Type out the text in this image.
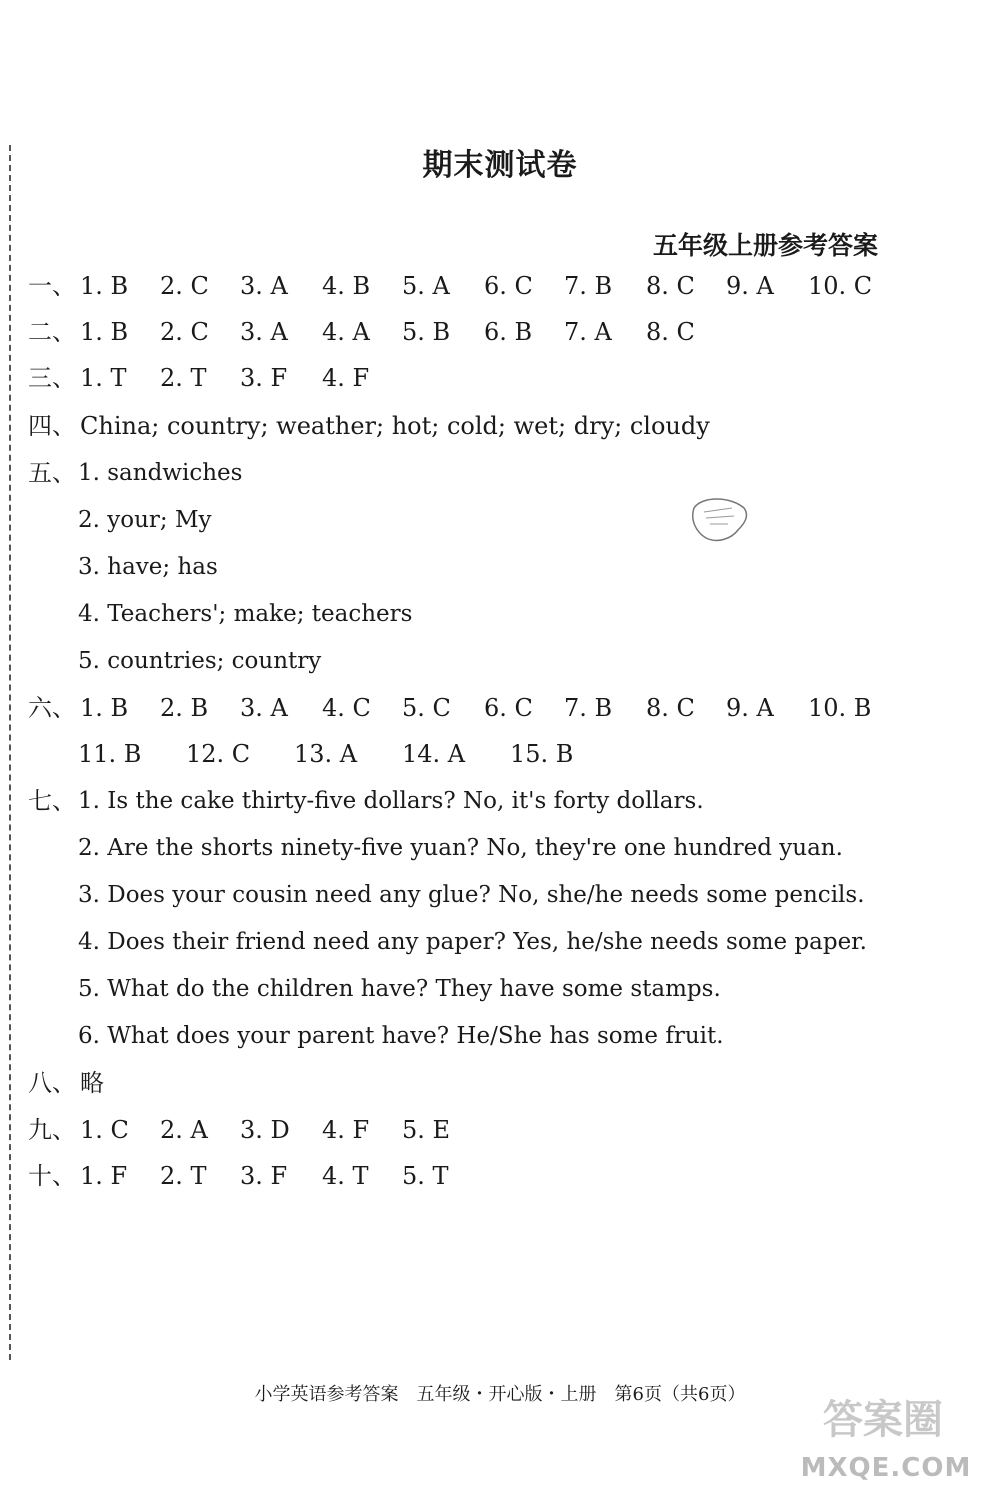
期末测试卷
五年级上册参考答案
一、 1. B 2. C 3. A 4. B 5. A 6. C 7. B 8. C 9. A 10. C
二、 1. B 2. C 3. A 4. A 5. B 6. B 7. A 8. C
三、 1. T 2. T 3. F 4. F
四、 China; country; weather; hot; cold; wet; dry; cloudy
五、 1. sandwiches
2. your; My
3. have; has
4. Teachers'; make; teachers
5. countries; country
六、 1. B 2. B 3. A 4. C 5. C 6. C 7. B 8. C 9. A 10. B
11. B 12. C 13. A 14. A 15. B
七、 1. Is the cake thirty-five dollars? No, it's forty dollars.
2. Are the shorts ninety-five yuan? No, they're one hundred yuan.
3. Does your cousin need any glue? No, she/he needs some pencils.
4. Does their friend need any paper? Yes, he/she needs some paper.
5. What do the children have? They have some stamps.
6. What does your parent have? He/She has some fruit.
八、 略
九、 1. C 2. A 3. D 4. F 5. E
十、 1. F 2. T 3. F 4. T 5. T
小学英语参考答案　五年级・开心版・上册　第6页（共6页）
答案圈
MXQE.COM
